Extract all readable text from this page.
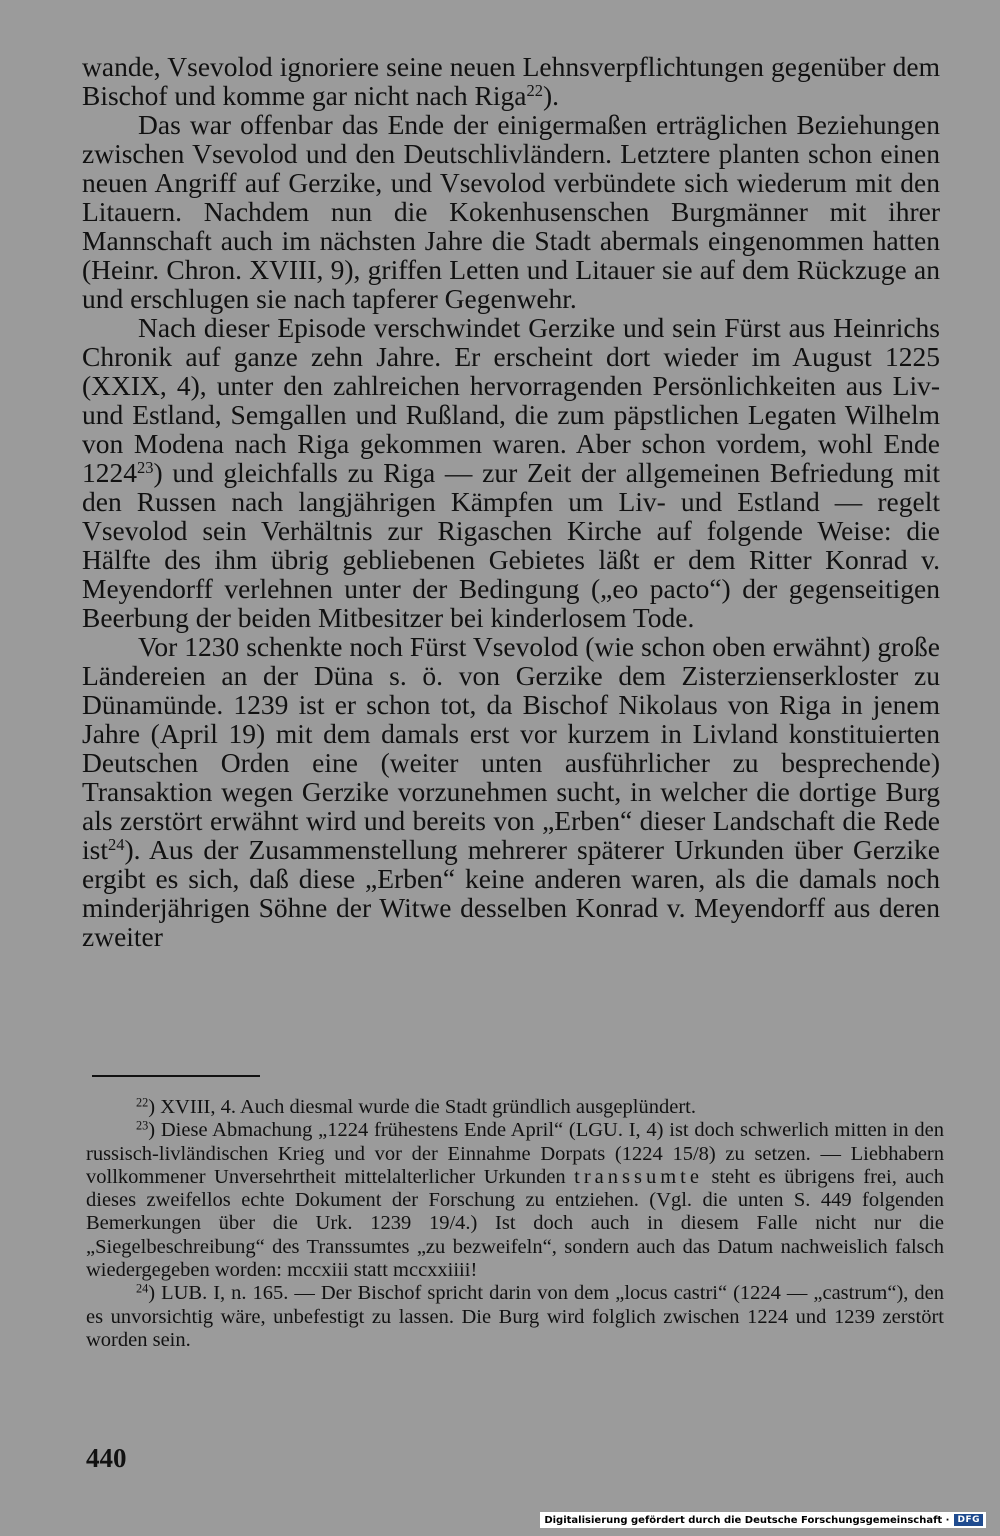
wande, Vsevolod ignoriere seine neuen Lehnsverpflichtungen gegenüber dem Bischof und komme gar nicht nach Riga$^{22}$).

Das war offenbar das Ende der einigermaßen erträglichen Beziehungen zwischen Vsevolod und den Deutschlivländern. Letztere planten schon einen neuen Angriff auf Gerzike, und Vsevolod verbündete sich wiederum mit den Litauern. Nachdem nun die Kokenhusenschen Burgmänner mit ihrer Mannschaft auch im nächsten Jahre die Stadt abermals eingenommen hatten (Heinr. Chron. XVIII, 9), griffen Letten und Litauer sie auf dem Rückzuge an und erschlugen sie nach tapferer Gegenwehr.

Nach dieser Episode verschwindet Gerzike und sein Fürst aus Heinrichs Chronik auf ganze zehn Jahre. Er erscheint dort wieder im August 1225 (XXIX, 4), unter den zahlreichen hervorragenden Persönlichkeiten aus Liv- und Estland, Semgallen und Rußland, die zum päpstlichen Legaten Wilhelm von Modena nach Riga gekommen waren. Aber schon vordem, wohl Ende 1224$^{23}$) und gleichfalls zu Riga — zur Zeit der allgemeinen Befriedung mit den Russen nach langjährigen Kämpfen um Liv- und Estland — regelt Vsevolod sein Verhältnis zur Rigaschen Kirche auf folgende Weise: die Hälfte des ihm übrig gebliebenen Gebietes läßt er dem Ritter Konrad v. Meyendorff verlehnen unter der Bedingung („eo pacto“) der gegenseitigen Beerbung der beiden Mitbesitzer bei kinderlosem Tode.

Vor 1230 schenkte noch Fürst Vsevolod (wie schon oben erwähnt) große Ländereien an der Düna s. ö. von Gerzike dem Zisterzienserkloster zu Dünamünde. 1239 ist er schon tot, da Bischof Nikolaus von Riga in jenem Jahre (April 19) mit dem damals erst vor kurzem in Livland konstituierten Deutschen Orden eine (weiter unten ausführlicher zu besprechende) Transaktion wegen Gerzike vorzunehmen sucht, in welcher die dortige Burg als zerstört erwähnt wird und bereits von „Erben“ dieser Landschaft die Rede ist$^{24}$). Aus der Zusammenstellung mehrerer späterer Urkunden über Gerzike ergibt es sich, daß diese „Erben“ keine anderen waren, als die damals noch minderjährigen Söhne der Witwe desselben Konrad v. Meyendorff aus deren zweiter

$^{22}$) XVIII, 4. Auch diesmal wurde die Stadt gründlich ausgeplündert.

$^{23}$) Diese Abmachung „1224 frühestens Ende April“ (LGU. I, 4) ist doch schwerlich mitten in den russisch-livländischen Krieg und vor der Einnahme Dorpats (1224 15/8) zu setzen. — Liebhabern vollkommener Unversehrtheit mittelalterlicher Urkunden transsumte steht es übrigens frei, auch dieses zweifellos echte Dokument der Forschung zu entziehen. (Vgl. die unten S. 449 folgenden Bemerkungen über die Urk. 1239 19/4.) Ist doch auch in diesem Falle nicht nur die „Siegelbeschreibung“ des Transsumtes „zu bezweifeln“, sondern auch das Datum nachweislich falsch wiedergegeben worden: mccxiii statt mccxxiiii!

$^{24}$) LUB. I, n. 165. — Der Bischof spricht darin von dem „locus castri“ (1224 — „castrum“), den es unvorsichtig wäre, unbefestigt zu lassen. Die Burg wird folglich zwischen 1224 und 1239 zerstört worden sein.

440
Digitalisierung gefördert durch die Deutsche Forschungsgemeinschaft · DFG
